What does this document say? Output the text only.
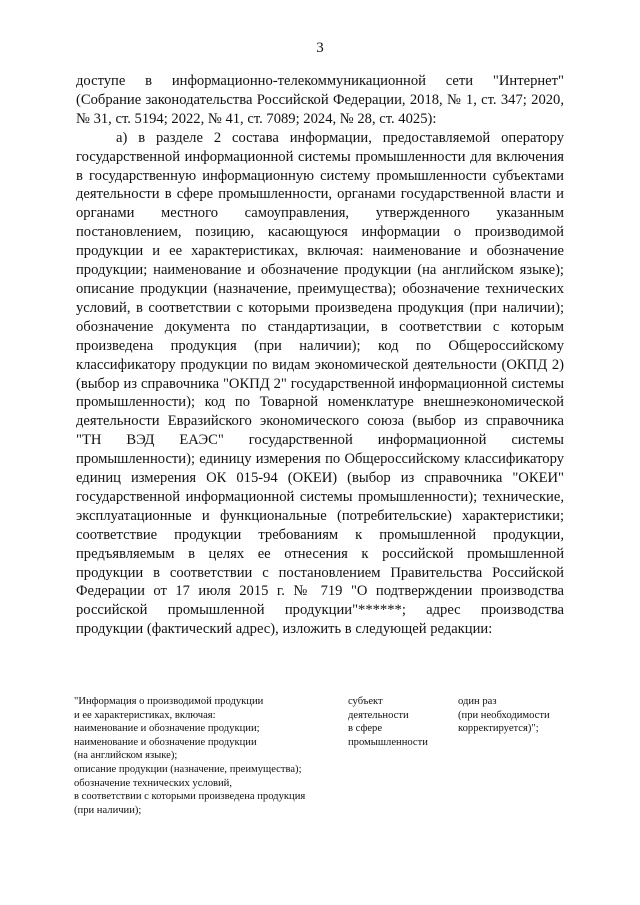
3

доступе в информационно-телекоммуникационной сети "Интернет" (Собрание законодательства Российской Федерации, 2018, № 1, ст. 347; 2020, № 31, ст. 5194; 2022, № 41, ст. 7089; 2024, № 28, ст. 4025):

а) в разделе 2 состава информации, предоставляемой оператору государственной информационной системы промышленности для включения в государственную информационную систему промышленности субъектами деятельности в сфере промышленности, органами государственной власти и органами местного самоуправления, утвержденного указанным постановлением, позицию, касающуюся информации о производимой продукции и ее характеристиках, включая: наименование и обозначение продукции; наименование и обозначение продукции (на английском языке); описание продукции (назначение, преимущества); обозначение технических условий, в соответствии с которыми произведена продукция (при наличии); обозначение документа по стандартизации, в соответствии с которым произведена продукция (при наличии); код по Общероссийскому классификатору продукции по видам экономической деятельности (ОКПД 2) (выбор из справочника "ОКПД 2" государственной информационной системы промышленности); код по Товарной номенклатуре внешнеэкономической деятельности Евразийского экономического союза (выбор из справочника "ТН ВЭД ЕАЭС" государственной информационной системы промышленности); единицу измерения по Общероссийскому классификатору единиц измерения ОК 015-94 (ОКЕИ) (выбор из справочника "ОКЕИ" государственной информационной системы промышленности); технические, эксплуатационные и функциональные (потребительские) характеристики; соответствие продукции требованиям к промышленной продукции, предъявляемым в целях ее отнесения к российской промышленной продукции в соответствии с постановлением Правительства Российской Федерации от 17 июля 2015 г. № 719 "О подтверждении производства российской промышленной продукции"******; адрес производства продукции (фактический адрес), изложить в следующей редакции:

"Информация о производимой продукции
и ее характеристиках, включая:
наименование и обозначение продукции;
наименование и обозначение продукции
(на английском языке);
описание продукции (назначение, преимущества);
обозначение технических условий,
в соответствии с которыми произведена продукция
(при наличии);
субъект
деятельности
в сфере
промышленности
один раз
(при необходимости
корректируется)";
